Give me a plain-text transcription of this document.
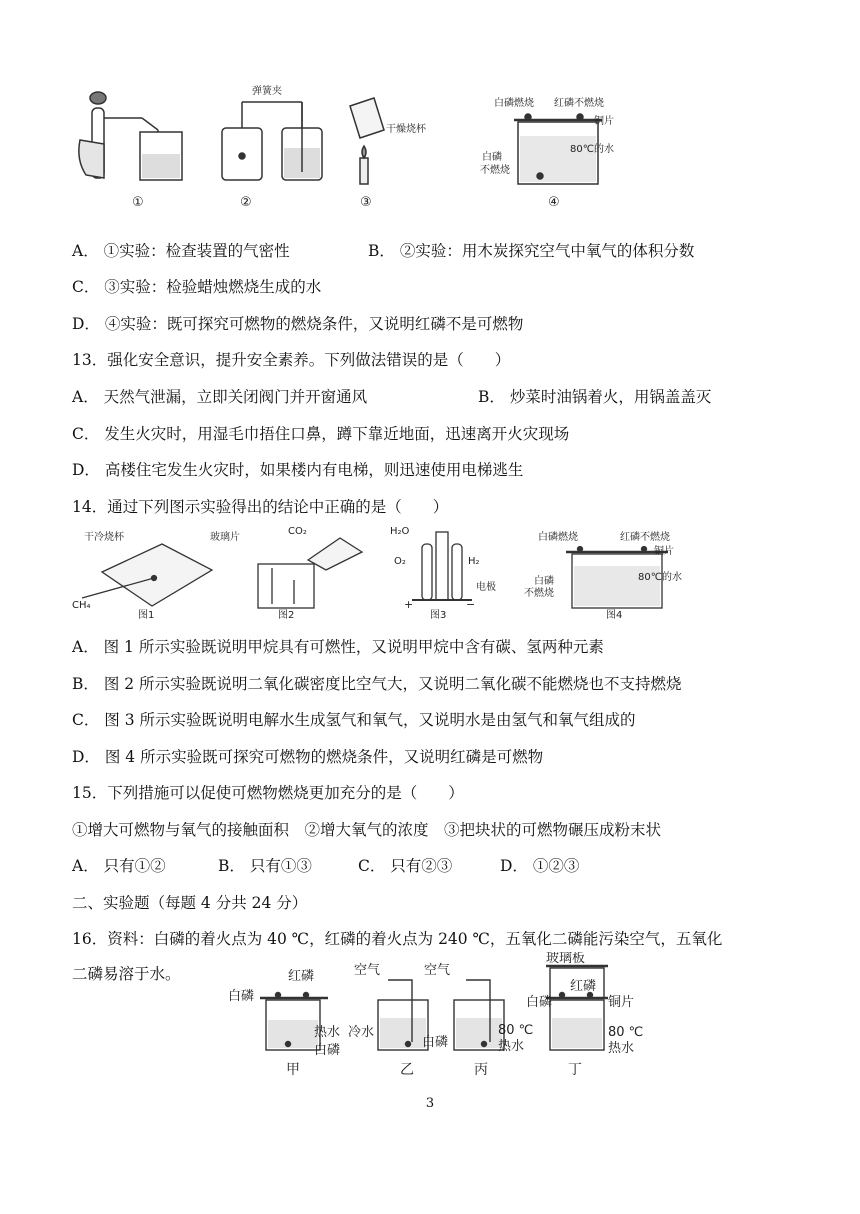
①
弹簧夹
②
干燥烧杯
③
白磷燃烧 红磷不燃烧
铜片
白磷
不燃烧
80℃的水
④
A． ①实验：检查装置的气密性	B． ②实验：用木炭探究空气中氧气的体积分数
C． ③实验：检验蜡烛燃烧生成的水
D． ④实验：既可探究可燃物的燃烧条件，又说明红磷不是可燃物
13．强化安全意识，提升安全素养。下列做法错误的是（　　）
A． 天然气泄漏，立即关闭阀门并开窗通风	B． 炒菜时油锅着火，用锅盖盖灭
C． 发生火灾时，用湿毛巾捂住口鼻，蹲下靠近地面，迅速离开火灾现场
D． 高楼住宅发生火灾时，如果楼内有电梯，则迅速使用电梯逃生
14．通过下列图示实验得出的结论中正确的是（　　）
干冷烧杯
CH₄
图1
玻璃片
CO₂
图2
H₂O
O₂	H₂
电极
+	−
图3
白磷燃烧	红磷不燃烧
铜片
80℃的水
白磷
不燃烧
图4
A． 图 1 所示实验既说明甲烷具有可燃性，又说明甲烷中含有碳、氢两种元素
B． 图 2 所示实验既说明二氧化碳密度比空气大，又说明二氧化碳不能燃烧也不支持燃烧
C． 图 3 所示实验既说明电解水生成氢气和氧气，又说明水是由氢气和氧气组成的
D． 图 4 所示实验既可探究可燃物的燃烧条件，又说明红磷是可燃物
15．下列措施可以促使可燃物燃烧更加充分的是（　　）
①增大可燃物与氧气的接触面积　②增大氧气的浓度　③把块状的可燃物碾压成粉末状
A． 只有①②	B． 只有①③	C． 只有②③	D． ①②③
二、实验题（每题 4 分共 24 分）
16．资料：白磷的着火点为 40 ℃，红磷的着火点为 240 ℃，五氧化二磷能污染空气，五氧化
二磷易溶于水。	红磷
白磷
热水
白磷
甲
空气
冷水
乙
空气
白磷
80 ℃
热水
丙
玻璃板
红磷
白磷	铜片
80 ℃
热水
丁
3
